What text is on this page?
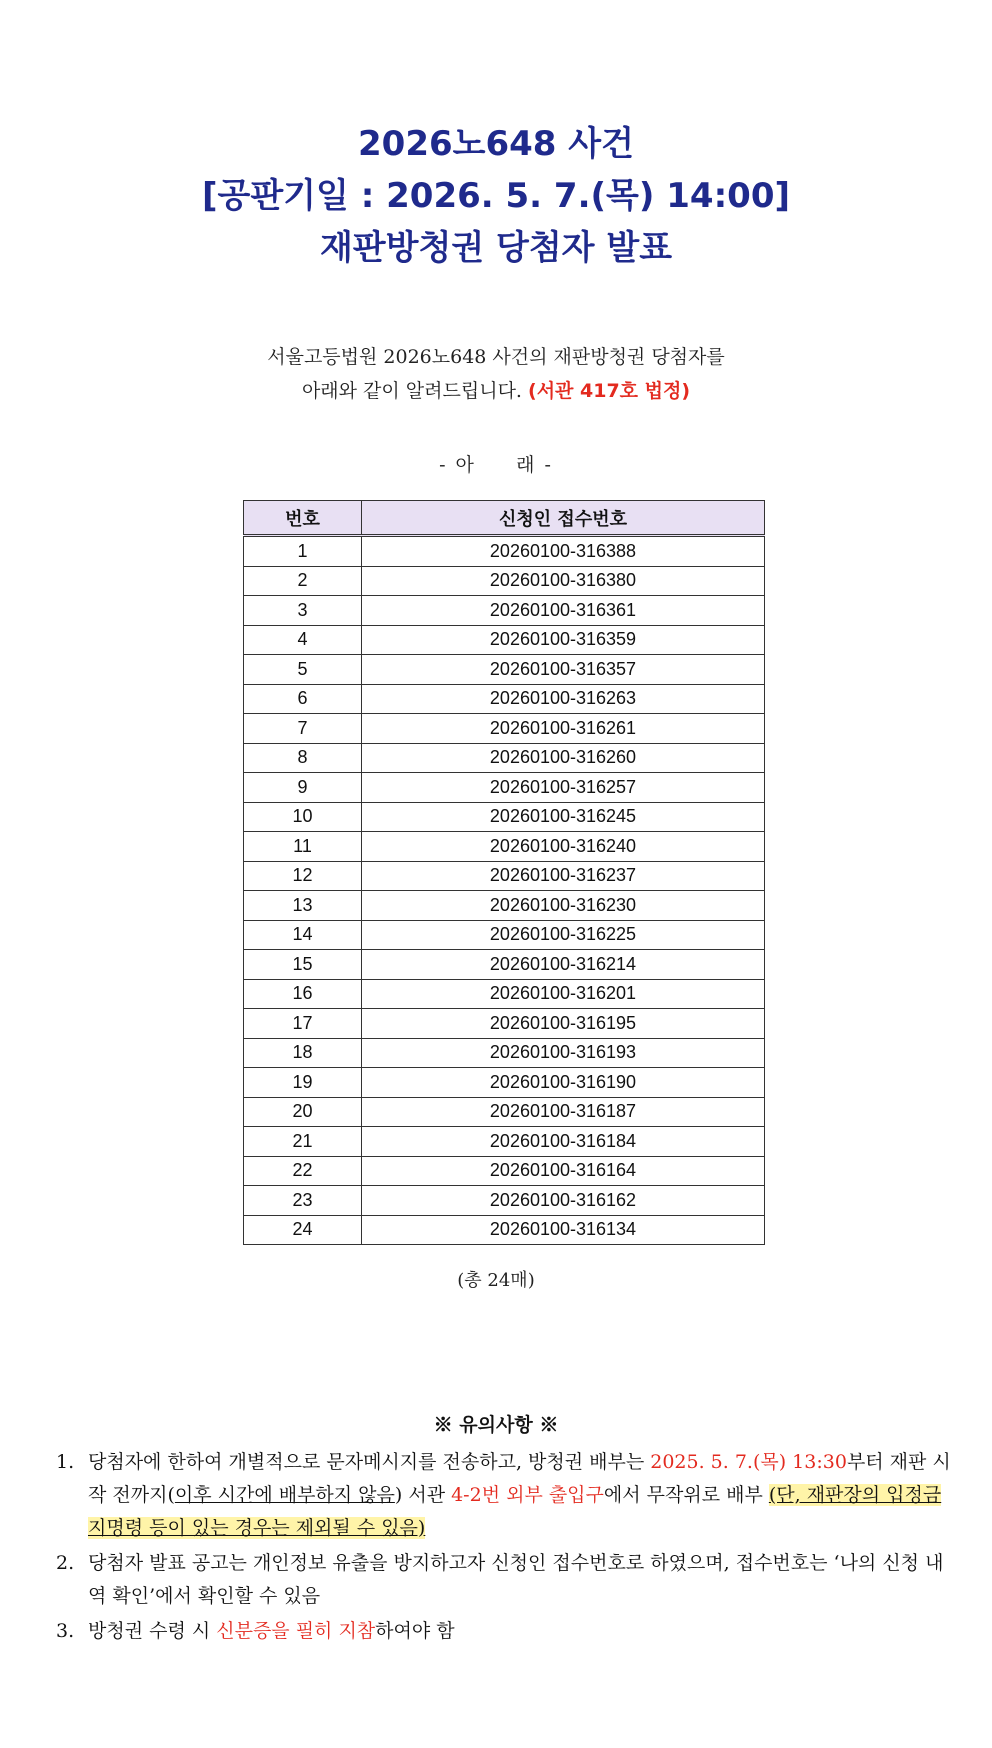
2026노648 사건
[공판기일 : 2026. 5. 7.(목) 14:00]
재판방청권 당첨자 발표
서울고등법원 2026노648 사건의 재판방청권 당첨자를
아래와 같이 알려드립니다. (서관 417호 법정)
- 아     래 -
번호	신청인 접수번호
1	20260100-316388
2	20260100-316380
3	20260100-316361
4	20260100-316359
5	20260100-316357
6	20260100-316263
7	20260100-316261
8	20260100-316260
9	20260100-316257
10	20260100-316245
11	20260100-316240
12	20260100-316237
13	20260100-316230
14	20260100-316225
15	20260100-316214
16	20260100-316201
17	20260100-316195
18	20260100-316193
19	20260100-316190
20	20260100-316187
21	20260100-316184
22	20260100-316164
23	20260100-316162
24	20260100-316134
(총 24매)
※ 유의사항 ※
1. 당첨자에 한하여 개별적으로 문자메시지를 전송하고, 방청권 배부는 2025. 5. 7.(목) 13:30부터 재판 시작 전까지(이후 시간에 배부하지 않음) 서관 4-2번 외부 출입구에서 무작위로 배부 (단, 재판장의 입정금지명령 등이 있는 경우는 제외될 수 있음)
2. 당첨자 발표 공고는 개인정보 유출을 방지하고자 신청인 접수번호로 하였으며, 접수번호는 ‘나의 신청 내역 확인’에서 확인할 수 있음
3. 방청권 수령 시 신분증을 필히 지참하여야 함
